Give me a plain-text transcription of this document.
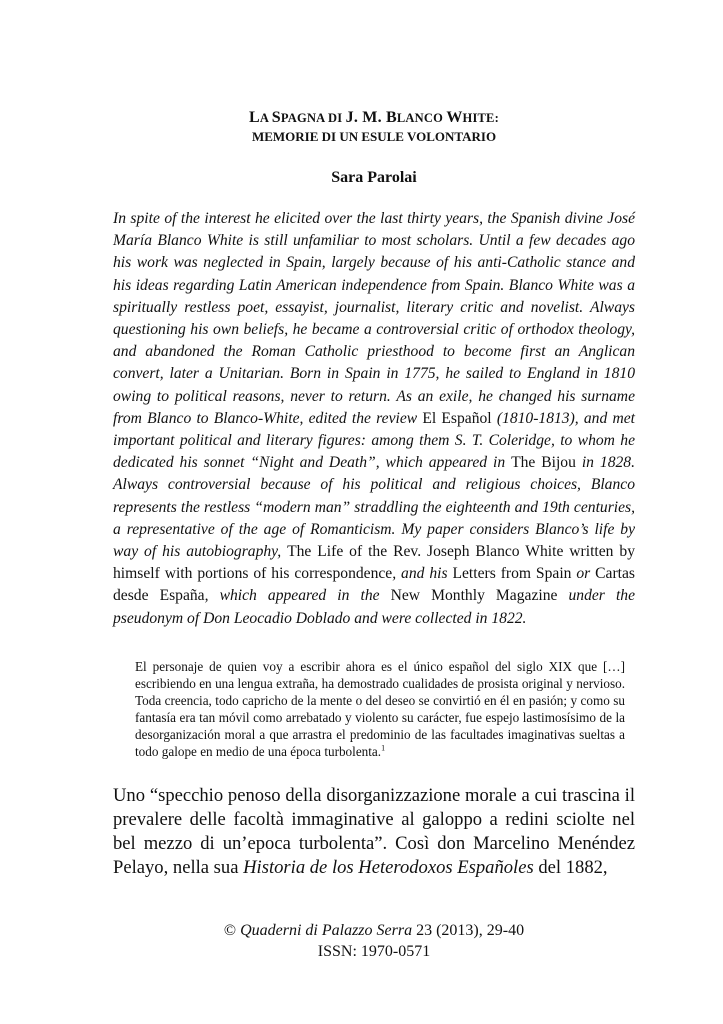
LA SPAGNA DI J. M. BLANCO WHITE:

MEMORIE DI UN ESULE VOLONTARIO

Sara Parolai

In spite of the interest he elicited over the last thirty years, the Spanish divine José María Blanco White is still unfamiliar to most scholars. Until a few decades ago his work was neglected in Spain, largely because of his anti-Catholic stance and his ideas regarding Latin American independence from Spain. Blanco White was a spiritually restless poet, essayist, journalist, literary critic and novelist. Always questioning his own beliefs, he became a controversial critic of orthodox theology, and abandoned the Roman Catholic priesthood to become first an Anglican convert, later a Unitarian. Born in Spain in 1775, he sailed to England in 1810 owing to political reasons, never to return. As an exile, he changed his surname from Blanco to Blanco-White, edited the review El Español (1810-1813), and met important political and literary figures: among them S. T. Coleridge, to whom he dedicated his sonnet “Night and Death”, which appeared in The Bijou in 1828. Always controversial because of his political and religious choices, Blanco represents the restless “modern man” straddling the eighteenth and 19th centuries, a representative of the age of Romanticism. My paper considers Blanco’s life by way of his autobiography, The Life of the Rev. Joseph Blanco White written by himself with portions of his correspondence, and his Letters from Spain or Cartas desde España, which appeared in the New Monthly Magazine under the pseudonym of Don Leocadio Doblado and were collected in 1822.

El personaje de quien voy a escribir ahora es el único español del siglo XIX que […] escribiendo en una lengua extraña, ha demostrado cualidades de prosista original y nervioso. Toda creencia, todo capricho de la mente o del deseo se convirtió en él en pasión; y como su fantasía era tan móvil como arrebatado y violento su carácter, fue espejo lastimosísimo de la desorganización moral a que arrastra el predominio de las facultades imaginativas sueltas a todo galope en medio de una época turbolenta.$^1$

Uno “specchio penoso della disorganizzazione morale a cui trascina il prevalere delle facoltà immaginative al galoppo a redini sciolte nel bel mezzo di un’epoca turbolenta”. Così don Marcelino Menéndez Pelayo, nella sua Historia de los Heterodoxos Españoles del 1882,

© Quaderni di Palazzo Serra 23 (2013), 29-40
ISSN: 1970-0571
